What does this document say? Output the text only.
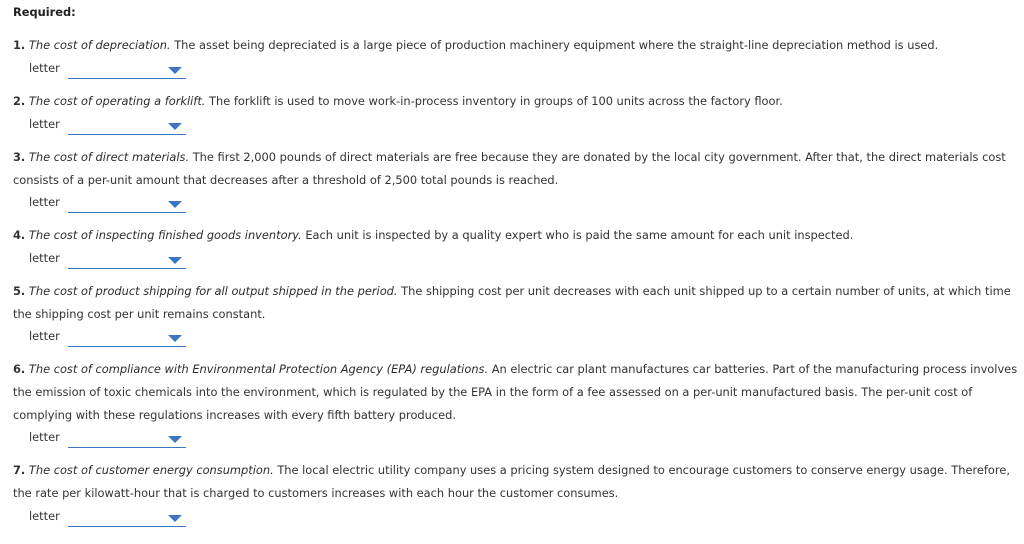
Required:
1. The cost of depreciation. The asset being depreciated is a large piece of production machinery equipment where the straight-line depreciation method is used.
letter
2. The cost of operating a forklift. The forklift is used to move work-in-process inventory in groups of 100 units across the factory floor.
letter
3. The cost of direct materials. The first 2,000 pounds of direct materials are free because they are donated by the local city government. After that, the direct materials cost consists of a per-unit amount that decreases after a threshold of 2,500 total pounds is reached.
letter
4. The cost of inspecting finished goods inventory. Each unit is inspected by a quality expert who is paid the same amount for each unit inspected.
letter
5. The cost of product shipping for all output shipped in the period. The shipping cost per unit decreases with each unit shipped up to a certain number of units, at which time the shipping cost per unit remains constant.
letter
6. The cost of compliance with Environmental Protection Agency (EPA) regulations. An electric car plant manufactures car batteries. Part of the manufacturing process involves the emission of toxic chemicals into the environment, which is regulated by the EPA in the form of a fee assessed on a per-unit manufactured basis. The per-unit cost of complying with these regulations increases with every fifth battery produced.
letter
7. The cost of customer energy consumption. The local electric utility company uses a pricing system designed to encourage customers to conserve energy usage. Therefore, the rate per kilowatt-hour that is charged to customers increases with each hour the customer consumes.
letter
